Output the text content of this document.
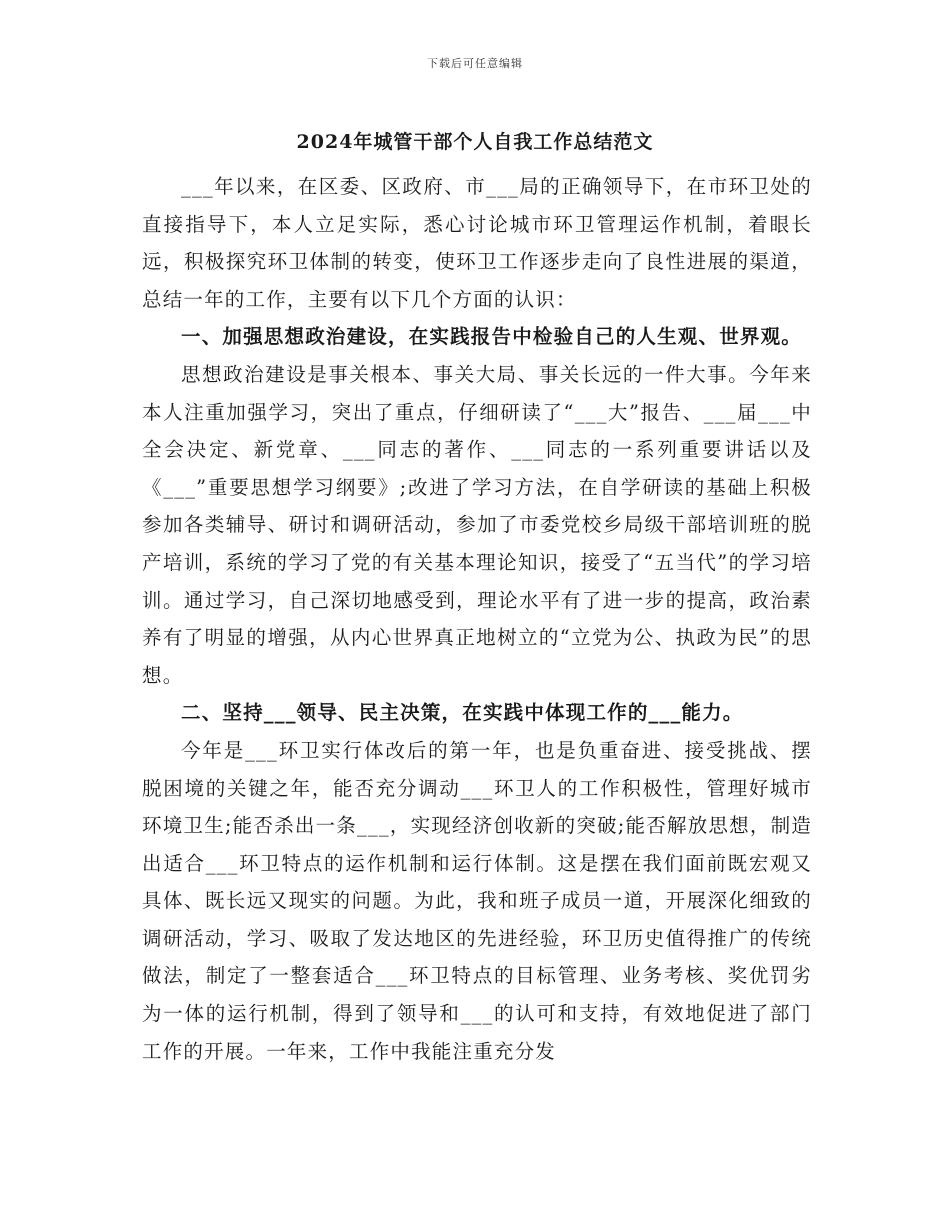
下载后可任意编辑
2024年城管干部个人自我工作总结范文

___年以来，在区委、区政府、市___局的正确领导下，在市环卫处的直接指导下，本人立足实际，悉心讨论城市环卫管理运作机制，着眼长远，积极探究环卫体制的转变，使环卫工作逐步走向了良性进展的渠道，总结一年的工作，主要有以下几个方面的认识：

一、加强思想政治建设，在实践报告中检验自己的人生观、世界观。

思想政治建设是事关根本、事关大局、事关长远的一件大事。今年来本人注重加强学习，突出了重点，仔细研读了“___大”报告、___届___中全会决定、新党章、___同志的著作、___同志的一系列重要讲话以及《___”重要思想学习纲要》;改进了学习方法，在自学研读的基础上积极参加各类辅导、研讨和调研活动，参加了市委党校乡局级干部培训班的脱产培训，系统的学习了党的有关基本理论知识，接受了“五当代”的学习培训。通过学习，自己深切地感受到，理论水平有了进一步的提高，政治素养有了明显的增强，从内心世界真正地树立的“立党为公、执政为民”的思想。

二、坚持___领导、民主决策，在实践中体现工作的___能力。

今年是___环卫实行体改后的第一年，也是负重奋进、接受挑战、摆脱困境的关键之年，能否充分调动___环卫人的工作积极性，管理好城市环境卫生;能否杀出一条___，实现经济创收新的突破;能否解放思想，制造出适合___环卫特点的运作机制和运行体制。这是摆在我们面前既宏观又具体、既长远又现实的问题。为此，我和班子成员一道，开展深化细致的调研活动，学习、吸取了发达地区的先进经验，环卫历史值得推广的传统做法，制定了一整套适合___环卫特点的目标管理、业务考核、奖优罚劣为一体的运行机制，得到了领导和___的认可和支持，有效地促进了部门工作的开展。一年来，工作中我能注重充分发
